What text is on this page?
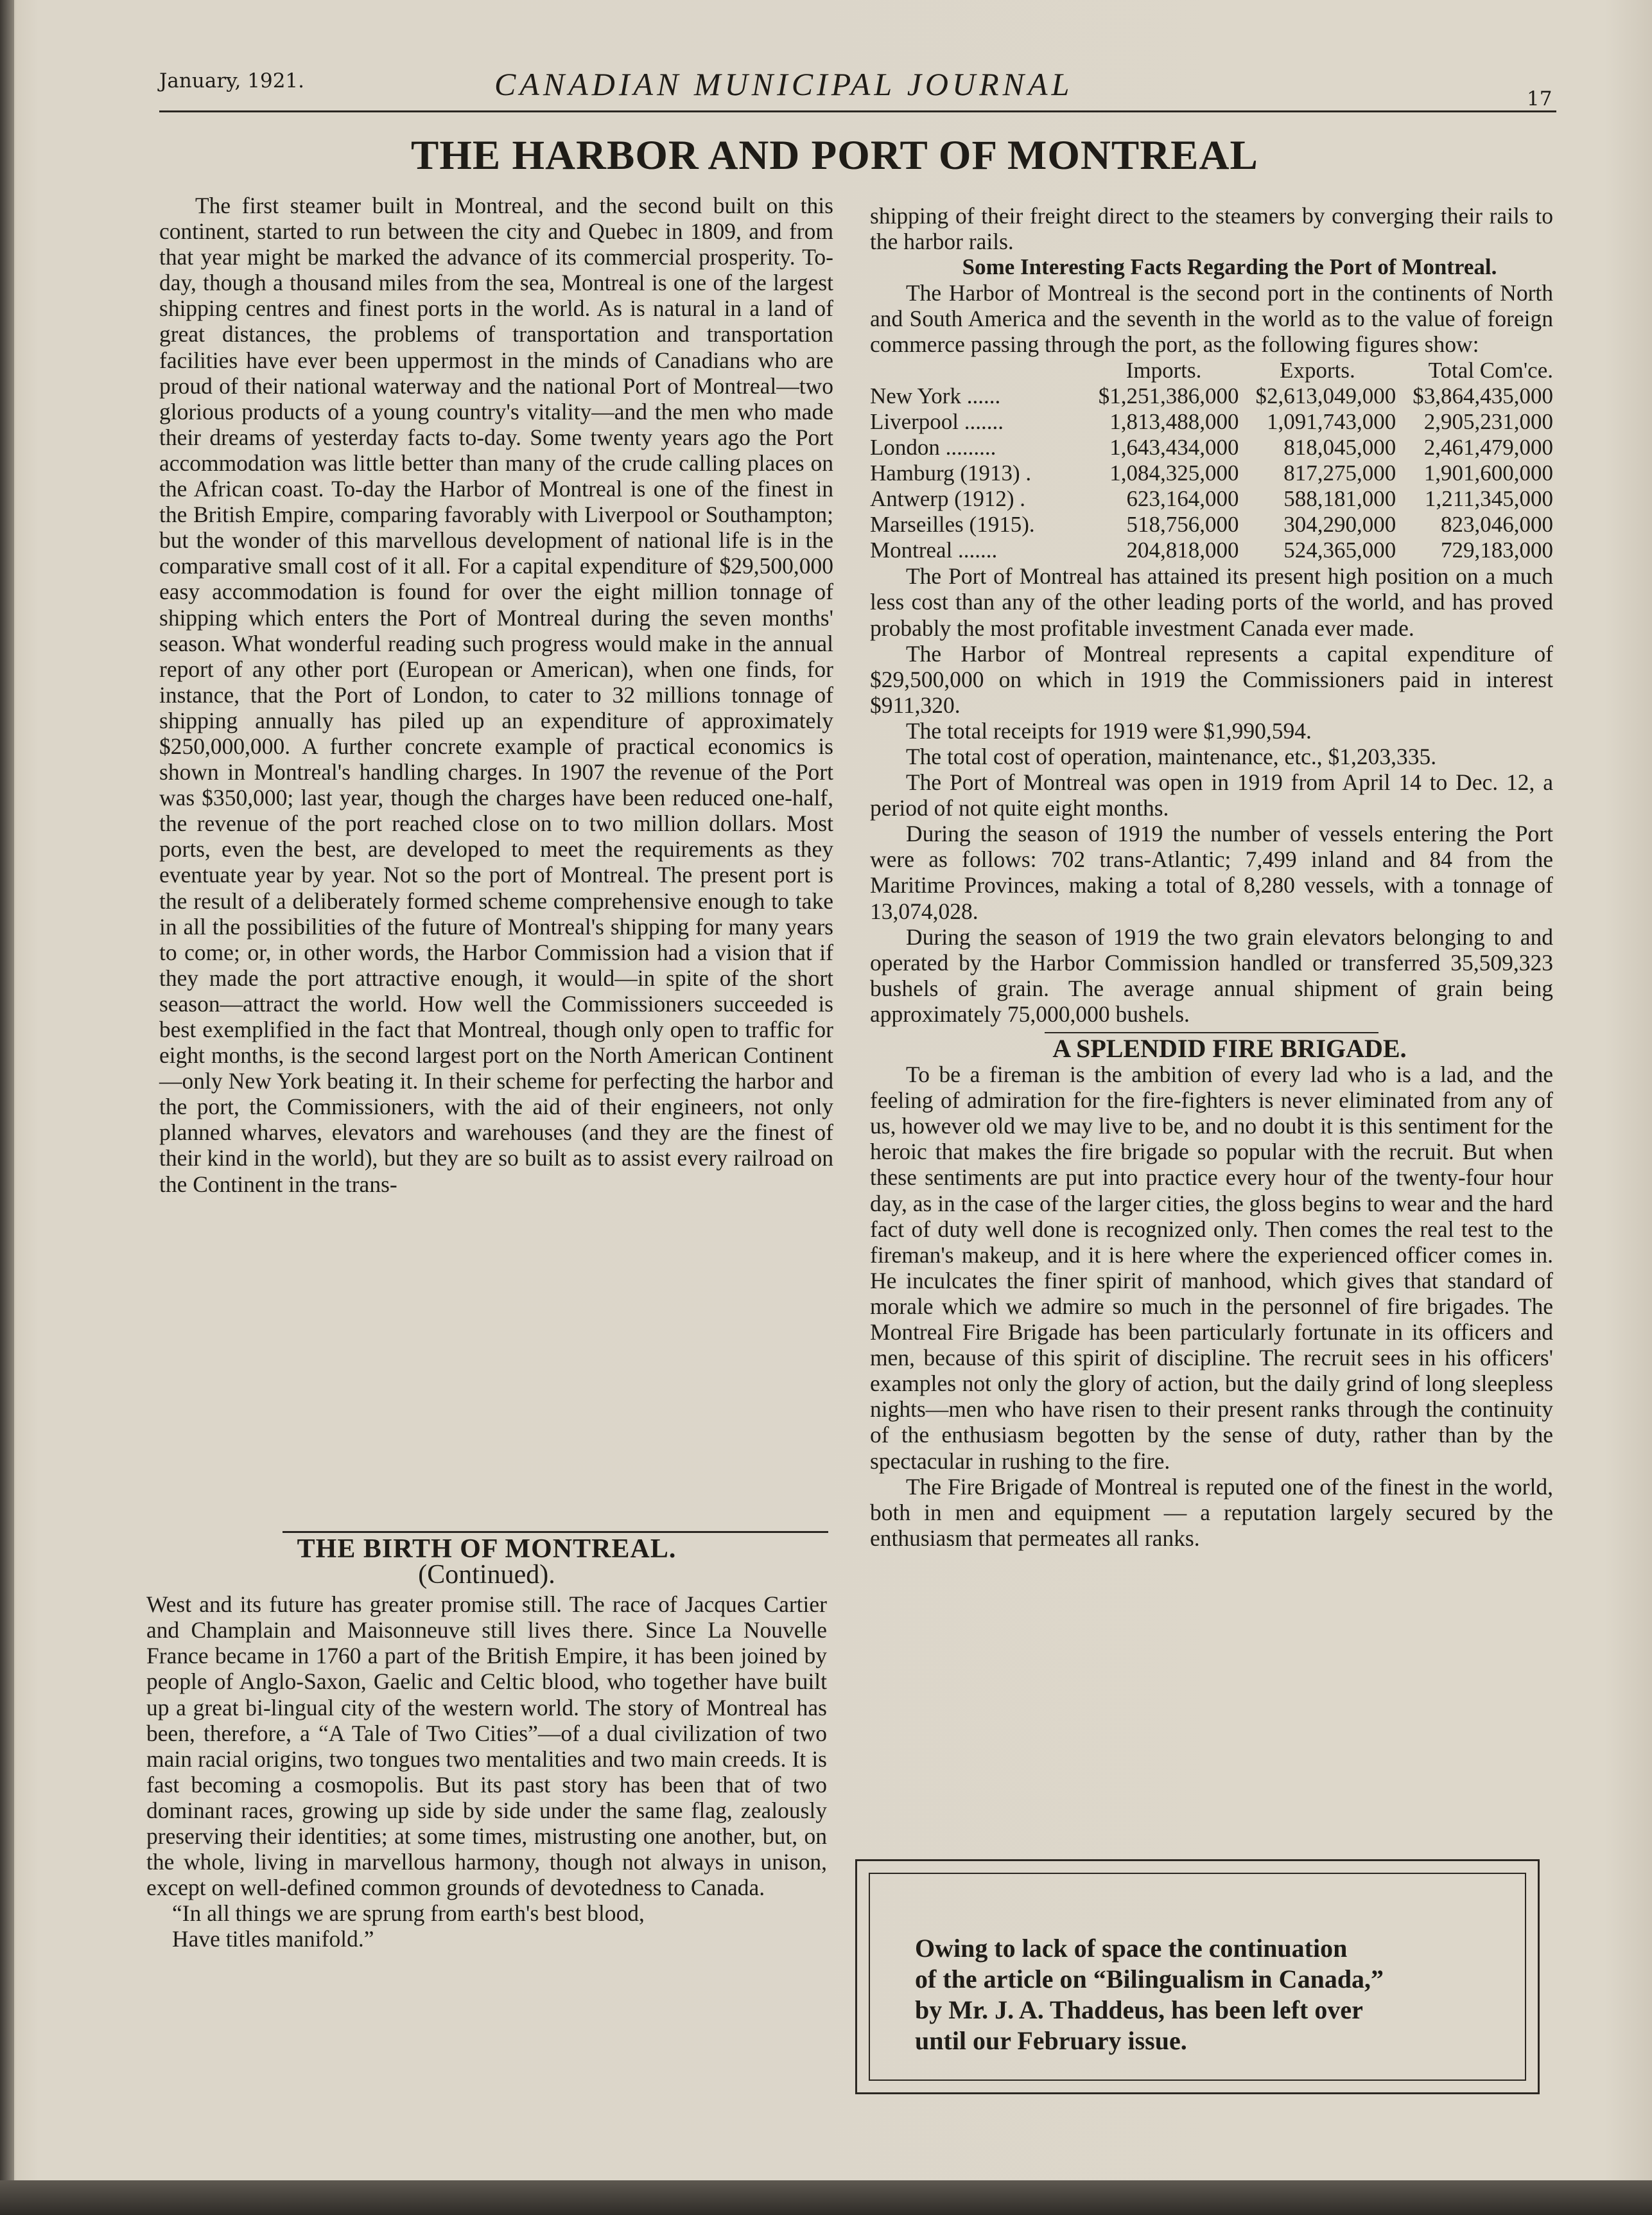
January, 1921.	CANADIAN MUNICIPAL JOURNAL	17
THE HARBOR AND PORT OF MONTREAL

The first steamer built in Montreal, and the second built on this continent, started to run between the city and Quebec in 1809, and from that year might be marked the advance of its commercial prosperity. To-day, though a thousand miles from the sea, Montreal is one of the largest shipping centres and finest ports in the world. As is natural in a land of great distances, the problems of transportation and transportation facilities have ever been uppermost in the minds of Canadians who are proud of their national waterway and the national Port of Montreal—two glorious products of a young country's vitality—and the men who made their dreams of yesterday facts to-day. Some twenty years ago the Port accommodation was little better than many of the crude calling places on the African coast. To-day the Harbor of Montreal is one of the finest in the British Empire, comparing favorably with Liverpool or Southampton; but the wonder of this marvellous development of national life is in the comparative small cost of it all. For a capital expenditure of $29,500,000 easy accommodation is found for over the eight million tonnage of shipping which enters the Port of Montreal during the seven months' season. What wonderful reading such progress would make in the annual report of any other port (European or American), when one finds, for instance, that the Port of London, to cater to 32 millions tonnage of shipping annually has piled up an expenditure of approximately $250,000,000. A further concrete example of practical economics is shown in Montreal's handling charges. In 1907 the revenue of the Port was $350,000; last year, though the charges have been reduced one-half, the revenue of the port reached close on to two million dollars. Most ports, even the best, are developed to meet the requirements as they eventuate year by year. Not so the port of Montreal. The present port is the result of a deliberately formed scheme comprehensive enough to take in all the possibilities of the future of Montreal's shipping for many years to come; or, in other words, the Harbor Commission had a vision that if they made the port attractive enough, it would—in spite of the short season—attract the world. How well the Commissioners succeeded is best exemplified in the fact that Montreal, though only open to traffic for eight months, is the second largest port on the North American Continent—only New York beating it. In their scheme for perfecting the harbor and the port, the Commissioners, with the aid of their engineers, not only planned wharves, elevators and warehouses (and they are the finest of their kind in the world), but they are so built as to assist every railroad on the Continent in the trans-

THE BIRTH OF MONTREAL.

(Continued).

West and its future has greater promise still. The race of Jacques Cartier and Champlain and Maisonneuve still lives there. Since La Nouvelle France became in 1760 a part of the British Empire, it has been joined by people of Anglo-Saxon, Gaelic and Celtic blood, who together have built up a great bi-lingual city of the western world. The story of Montreal has been, therefore, a “A Tale of Two Cities”—of a dual civilization of two main racial origins, two tongues two mentalities and two main creeds. It is fast becoming a cosmopolis. But its past story has been that of two dominant races, growing up side by side under the same flag, zealously preserving their identities; at some times, mistrusting one another, but, on the whole, living in marvellous harmony, though not always in unison, except on well-defined common grounds of devotedness to Canada.

“In all things we are sprung from earth's best blood,

Have titles manifold.”

shipping of their freight direct to the steamers by converging their rails to the harbor rails.

Some Interesting Facts Regarding the Port of Montreal.

The Harbor of Montreal is the second port in the continents of North and South America and the seventh in the world as to the value of foreign commerce passing through the port, as the following figures show:

	Imports.	Exports.	Total Com'ce.
New York ......	$1,251,386,000	$2,613,049,000	$3,864,435,000
Liverpool .......	1,813,488,000	1,091,743,000	2,905,231,000
London .........	1,643,434,000	818,045,000	2,461,479,000
Hamburg (1913) .	1,084,325,000	817,275,000	1,901,600,000
Antwerp (1912) .	623,164,000	588,181,000	1,211,345,000
Marseilles (1915).	518,756,000	304,290,000	823,046,000
Montreal .......	204,818,000	524,365,000	729,183,000

The Port of Montreal has attained its present high position on a much less cost than any of the other leading ports of the world, and has proved probably the most profitable investment Canada ever made.

The Harbor of Montreal represents a capital expenditure of $29,500,000 on which in 1919 the Commissioners paid in interest $911,320.

The total receipts for 1919 were $1,990,594.

The total cost of operation, maintenance, etc., $1,203,335.

The Port of Montreal was open in 1919 from April 14 to Dec. 12, a period of not quite eight months.

During the season of 1919 the number of vessels entering the Port were as follows: 702 trans-Atlantic; 7,499 inland and 84 from the Maritime Provinces, making a total of 8,280 vessels, with a tonnage of 13,074,028.

During the season of 1919 the two grain elevators belonging to and operated by the Harbor Commission handled or transferred 35,509,323 bushels of grain. The average annual shipment of grain being approximately 75,000,000 bushels.

A SPLENDID FIRE BRIGADE.

To be a fireman is the ambition of every lad who is a lad, and the feeling of admiration for the fire-fighters is never eliminated from any of us, however old we may live to be, and no doubt it is this sentiment for the heroic that makes the fire brigade so popular with the recruit. But when these sentiments are put into practice every hour of the twenty-four hour day, as in the case of the larger cities, the gloss begins to wear and the hard fact of duty well done is recognized only. Then comes the real test to the fireman's makeup, and it is here where the experienced officer comes in. He inculcates the finer spirit of manhood, which gives that standard of morale which we admire so much in the personnel of fire brigades. The Montreal Fire Brigade has been particularly fortunate in its officers and men, because of this spirit of discipline. The recruit sees in his officers' examples not only the glory of action, but the daily grind of long sleepless nights—men who have risen to their present ranks through the continuity of the enthusiasm begotten by the sense of duty, rather than by the spectacular in rushing to the fire.

The Fire Brigade of Montreal is reputed one of the finest in the world, both in men and equipment — a reputation largely secured by the enthusiasm that permeates all ranks.

Owing to lack of space the continuation
of the article on “Bilingualism in Canada,”
by Mr. J. A. Thaddeus, has been left over
until our February issue.
